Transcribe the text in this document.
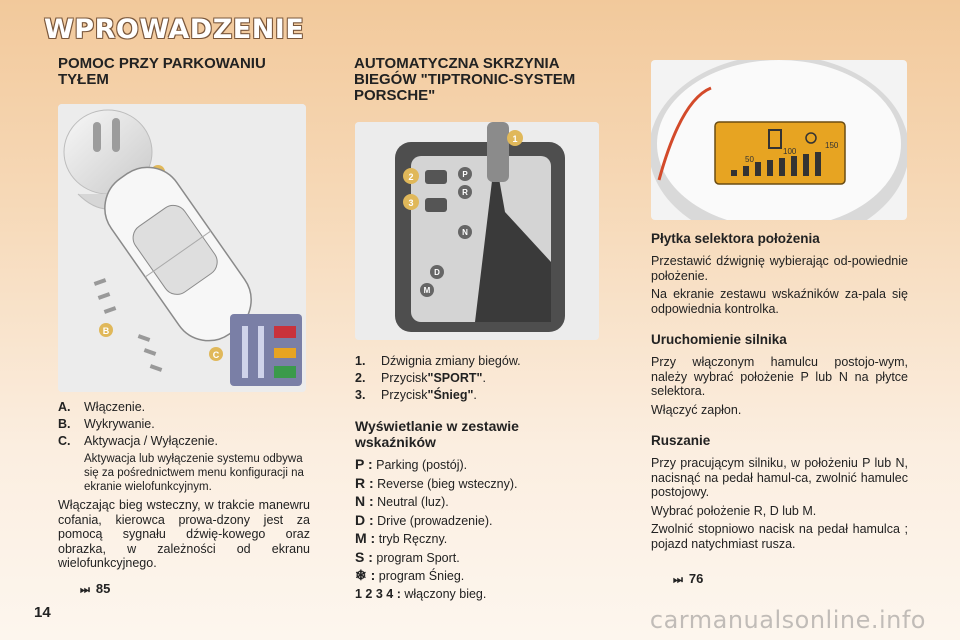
WPROWADZENIE
POMOC PRZY PARKOWANIU TYŁEM
B
C
A.	Włączenie.
B.	Wykrywanie.
C.	Aktywacja / Wyłączenie.
Aktywacja lub wyłączenie systemu odbywa się za pośrednictwem menu konfiguracji na ekranie wielofunkcyjnym.

Włączając bieg wsteczny, w trakcie manewru cofania, kierowca prowa-dzony jest za pomocą sygnału dźwię-kowego oraz obrazka, w zależności od ekranu wielofunkcyjnego.

⏭ 85
AUTOMATYCZNA SKRZYNIA BIEGÓW "TIPTRONIC-SYSTEM PORSCHE"
1
2
3
P
R
N
D
M
1.	Dźwignia zmiany biegów.
2.	Przycisk "SPORT" .
3.	Przycisk "Śnieg" .
Wyświetlanie w zestawie wskaźników
P : Parking (postój).
R : Reverse (bieg wsteczny).
N : Neutral (luz).
D : Drive (prowadzenie).
M : tryb Ręczny.
S : program Sport.
❄ : program Śnieg.
1 2 3 4 : włączony bieg.
50
100
150
Płytka selektora położenia

Przestawić dźwignię wybierając od-powiednie położenie.

Na ekranie zestawu wskaźników za-pala się odpowiednia kontrolka.

Uruchomienie silnika

Przy włączonym hamulcu postojo-wym, należy wybrać położenie P lub N na płytce selektora.

Włączyć zapłon.

Ruszanie

Przy pracującym silniku, w położeniu P lub N, nacisnąć na pedał hamul-ca, zwolnić hamulec postojowy.

Wybrać położenie R, D lub M.

Zwolnić stopniowo nacisk na pedał hamulca ; pojazd natychmiast rusza.

⏭ 76
14	carmanualsonline.info
